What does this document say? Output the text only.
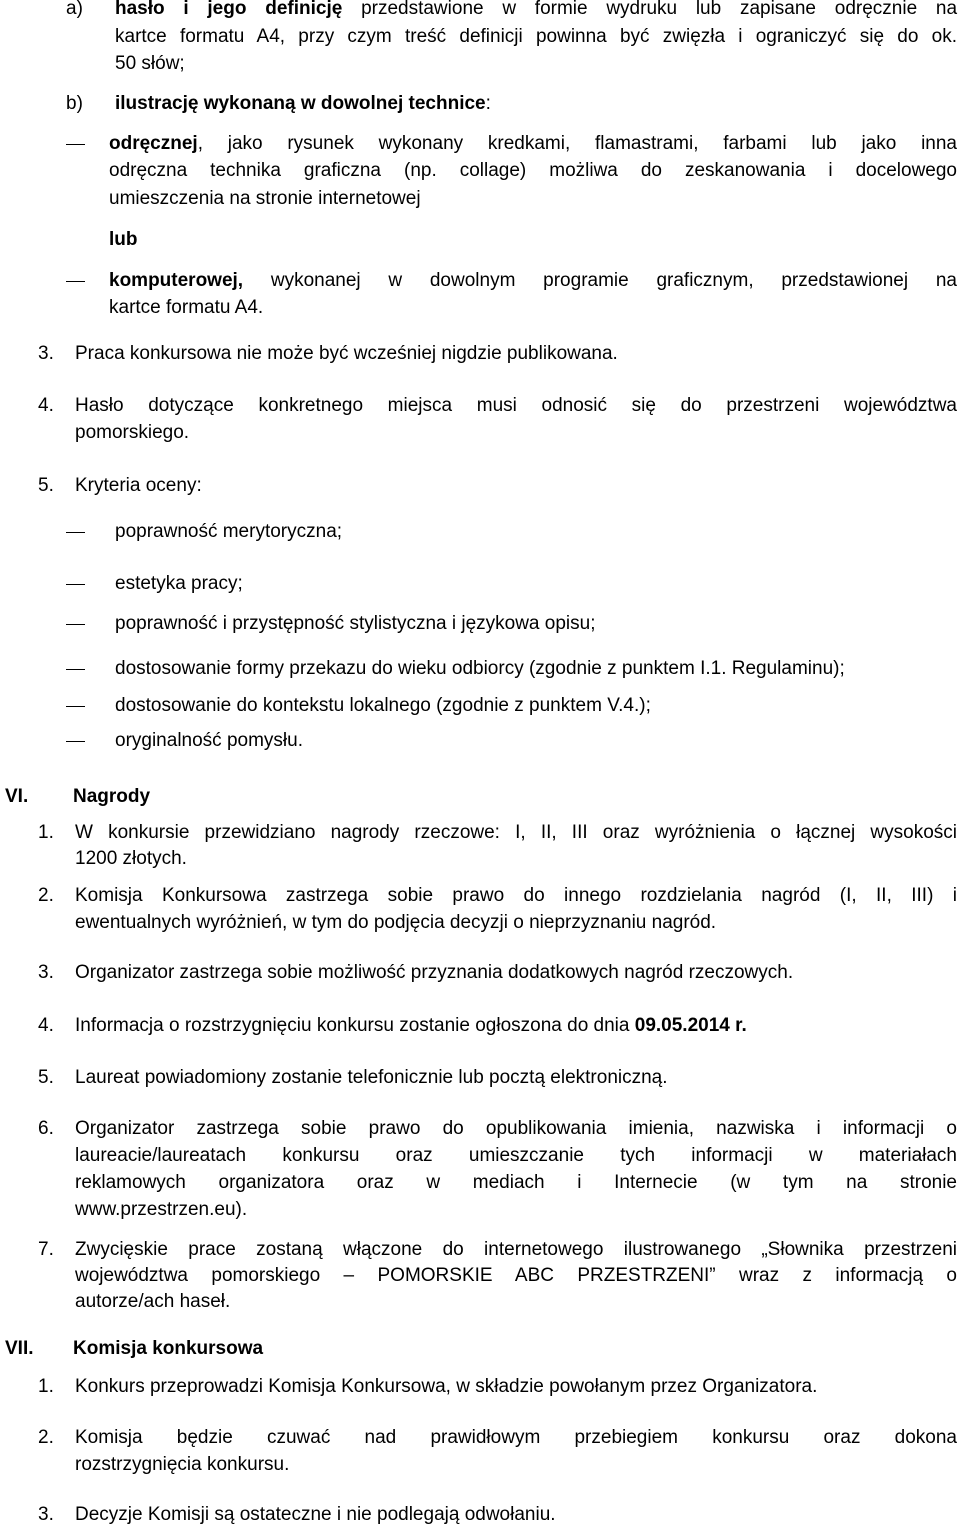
a) hasło i jego definicję przedstawione w formie wydruku lub zapisane odręcznie na
kartce formatu A4, przy czym treść definicji powinna być zwięzła i ograniczyć się do ok.
50 słów;
b) ilustrację wykonaną w dowolnej technice:
odręcznej, jako rysunek wykonany kredkami, flamastrami, farbami lub jako inna
odręczna technika graficzna (np. collage) możliwa do zeskanowania i docelowego
umieszczenia na stronie internetowej
lub
komputerowej, wykonanej w dowolnym programie graficznym, przedstawionej na
kartce formatu A4.
3. Praca konkursowa nie może być wcześniej nigdzie publikowana.
4. Hasło dotyczące konkretnego miejsca musi odnosić się do przestrzeni województwa
pomorskiego.
5. Kryteria oceny:
poprawność merytoryczna;
estetyka pracy;
poprawność i przystępność stylistyczna i językowa opisu;
dostosowanie formy przekazu do wieku odbiorcy (zgodnie z punktem I.1. Regulaminu);
dostosowanie do kontekstu lokalnego (zgodnie z punktem V.4.);
oryginalność pomysłu.
VI. Nagrody
1. W konkursie przewidziano nagrody rzeczowe: I, II, III oraz wyróżnienia o łącznej wysokości
1200 złotych.
2. Komisja Konkursowa zastrzega sobie prawo do innego rozdzielania nagród (I, II, III) i
ewentualnych wyróżnień, w tym do podjęcia decyzji o nieprzyznaniu nagród.
3. Organizator zastrzega sobie możliwość przyznania dodatkowych nagród rzeczowych.
4. Informacja o rozstrzygnięciu konkursu zostanie ogłoszona do dnia 09.05.2014 r.
5. Laureat powiadomiony zostanie telefonicznie lub pocztą elektroniczną.
6. Organizator zastrzega sobie prawo do opublikowania imienia, nazwiska i informacji o
laureacie/laureatach konkursu oraz umieszczanie tych informacji w materiałach
reklamowych organizatora oraz w mediach i Internecie (w tym na stronie
www.przestrzen.eu).
7. Zwycięskie prace zostaną włączone do internetowego ilustrowanego „Słownika przestrzeni
województwa pomorskiego – POMORSKIE ABC PRZESTRZENI” wraz z informacją o
autorze/ach haseł.
VII. Komisja konkursowa
1. Konkurs przeprowadzi Komisja Konkursowa, w składzie powołanym przez Organizatora.
2. Komisja będzie czuwać nad prawidłowym przebiegiem konkursu oraz dokona
rozstrzygnięcia konkursu.
3. Decyzje Komisji są ostateczne i nie podlegają odwołaniu.
